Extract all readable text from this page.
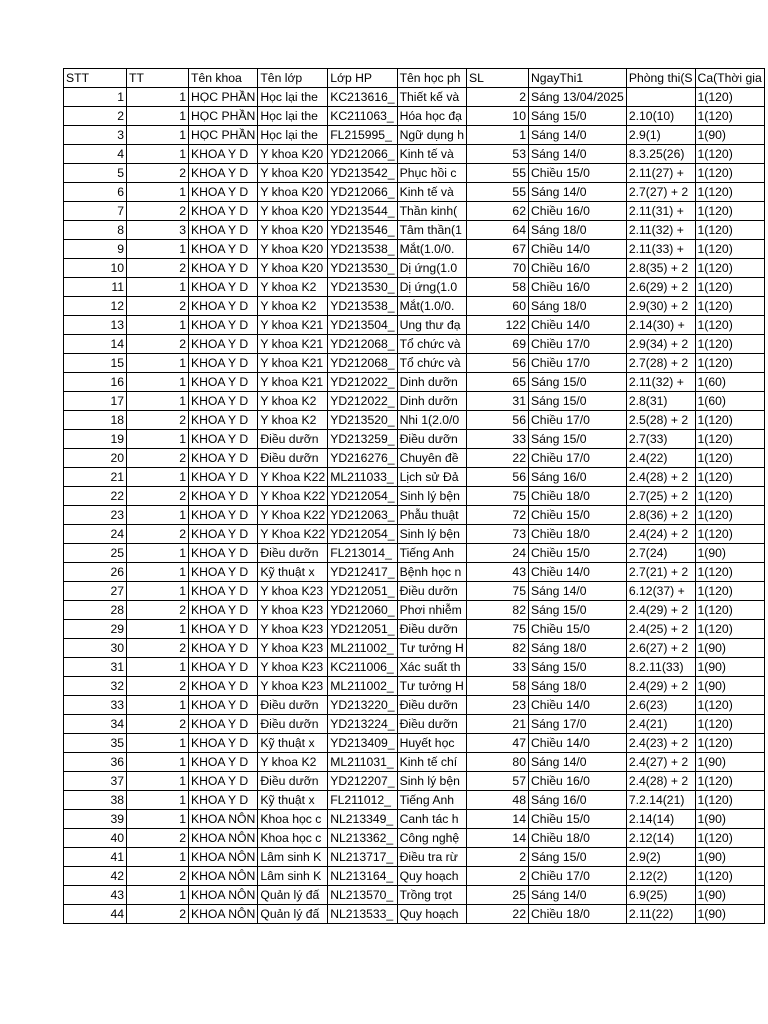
STT	TT	Tên khoa	Tên lớp	Lớp HP	Tên học ph	SL	NgayThi1	Phòng thi(S	Ca(Thời gia
1	1	HỌC PHẦN	Học lại the	KC213616_	Thiết kế và	2	Sáng 13/04/2025		1(120)
2	1	HỌC PHẦN	Học lại the	KC211063_	Hóa học đạ	10	Sáng 15/0	2.10(10)	1(120)
3	1	HỌC PHẦN	Học lại the	FL215995_	Ngữ dụng h	1	Sáng 14/0	2.9(1)	1(90)
4	1	KHOA Y D	Y khoa K20	YD212066_	Kinh tế và	53	Sáng 14/0	8.3.25(26)	1(120)
5	2	KHOA Y D	Y khoa K20	YD213542_	Phục hồi c	55	Chiều 15/0	2.11(27) +	1(120)
6	1	KHOA Y D	Y khoa K20	YD212066_	Kinh tế và	55	Sáng 14/0	2.7(27) + 2	1(120)
7	2	KHOA Y D	Y khoa K20	YD213544_	Thần kinh(	62	Chiều 16/0	2.11(31) +	1(120)
8	3	KHOA Y D	Y khoa K20	YD213546_	Tâm thần(1	64	Sáng 18/0	2.11(32) +	1(120)
9	1	KHOA Y D	Y khoa K20	YD213538_	Mắt(1.0/0.	67	Chiều 14/0	2.11(33) +	1(120)
10	2	KHOA Y D	Y khoa K20	YD213530_	Dị ứng(1.0	70	Chiều 16/0	2.8(35) + 2	1(120)
11	1	KHOA Y D	Y khoa K2	YD213530_	Dị ứng(1.0	58	Chiều 16/0	2.6(29) + 2	1(120)
12	2	KHOA Y D	Y khoa K2	YD213538_	Mắt(1.0/0.	60	Sáng 18/0	2.9(30) + 2	1(120)
13	1	KHOA Y D	Y khoa K21	YD213504_	Ung thư đạ	122	Chiều 14/0	2.14(30) +	1(120)
14	2	KHOA Y D	Y khoa K21	YD212068_	Tổ chức và	69	Chiều 17/0	2.9(34) + 2	1(120)
15	1	KHOA Y D	Y khoa K21	YD212068_	Tổ chức và	56	Chiều 17/0	2.7(28) + 2	1(120)
16	1	KHOA Y D	Y khoa K21	YD212022_	Dinh dưỡn	65	Sáng 15/0	2.11(32) +	1(60)
17	1	KHOA Y D	Y khoa K2	YD212022_	Dinh dưỡn	31	Sáng 15/0	2.8(31)	1(60)
18	2	KHOA Y D	Y khoa K2	YD213520_	Nhi 1(2.0/0	56	Chiều 17/0	2.5(28) + 2	1(120)
19	1	KHOA Y D	Điều dưỡn	YD213259_	Điều dưỡn	33	Sáng 15/0	2.7(33)	1(120)
20	2	KHOA Y D	Điều dưỡn	YD216276_	Chuyên đề	22	Chiều 17/0	2.4(22)	1(120)
21	1	KHOA Y D	Y Khoa K22	ML211033_	Lịch sử Đả	56	Sáng 16/0	2.4(28) + 2	1(120)
22	2	KHOA Y D	Y Khoa K22	YD212054_	Sinh lý bện	75	Chiều 18/0	2.7(25) + 2	1(120)
23	1	KHOA Y D	Y Khoa K22	YD212063_	Phẫu thuật	72	Chiều 15/0	2.8(36) + 2	1(120)
24	2	KHOA Y D	Y Khoa K22	YD212054_	Sinh lý bện	73	Chiều 18/0	2.4(24) + 2	1(120)
25	1	KHOA Y D	Điều dưỡn	FL213014_	Tiếng Anh	24	Chiều 15/0	2.7(24)	1(90)
26	1	KHOA Y D	Kỹ thuật x	YD212417_	Bệnh học n	43	Chiều 14/0	2.7(21) + 2	1(120)
27	1	KHOA Y D	Y khoa K23	YD212051_	Điều dưỡn	75	Sáng 14/0	6.12(37) +	1(120)
28	2	KHOA Y D	Y khoa K23	YD212060_	Phơi nhiễm	82	Sáng 15/0	2.4(29) + 2	1(120)
29	1	KHOA Y D	Y khoa K23	YD212051_	Điều dưỡn	75	Chiều 15/0	2.4(25) + 2	1(120)
30	2	KHOA Y D	Y khoa K23	ML211002_	Tư tưởng H	82	Sáng 18/0	2.6(27) + 2	1(90)
31	1	KHOA Y D	Y khoa K23	KC211006_	Xác suất th	33	Sáng 15/0	8.2.11(33)	1(90)
32	2	KHOA Y D	Y khoa K23	ML211002_	Tư tưởng H	58	Sáng 18/0	2.4(29) + 2	1(90)
33	1	KHOA Y D	Điều dưỡn	YD213220_	Điều dưỡn	23	Chiều 14/0	2.6(23)	1(120)
34	2	KHOA Y D	Điều dưỡn	YD213224_	Điều dưỡn	21	Sáng 17/0	2.4(21)	1(120)
35	1	KHOA Y D	Kỹ thuật x	YD213409_	Huyết học	47	Chiều 14/0	2.4(23) + 2	1(120)
36	1	KHOA Y D	Y khoa K2	ML211031_	Kinh tế chí	80	Sáng 14/0	2.4(27) + 2	1(90)
37	1	KHOA Y D	Điều dưỡn	YD212207_	Sinh lý bện	57	Chiều 16/0	2.4(28) + 2	1(120)
38	1	KHOA Y D	Kỹ thuật x	FL211012_	Tiếng Anh	48	Sáng 16/0	7.2.14(21)	1(120)
39	1	KHOA NÔN	Khoa học c	NL213349_	Canh tác h	14	Chiều 15/0	2.14(14)	1(90)
40	2	KHOA NÔN	Khoa học c	NL213362_	Công nghệ	14	Chiều 18/0	2.12(14)	1(120)
41	1	KHOA NÔN	Lâm sinh K	NL213717_	Điều tra rừ	2	Sáng 15/0	2.9(2)	1(90)
42	2	KHOA NÔN	Lâm sinh K	NL213164_	Quy hoạch	2	Chiều 17/0	2.12(2)	1(120)
43	1	KHOA NÔN	Quản lý đấ	NL213570_	Trồng trọt	25	Sáng 14/0	6.9(25)	1(90)
44	2	KHOA NÔN	Quản lý đấ	NL213533_	Quy hoạch	22	Chiều 18/0	2.11(22)	1(90)
